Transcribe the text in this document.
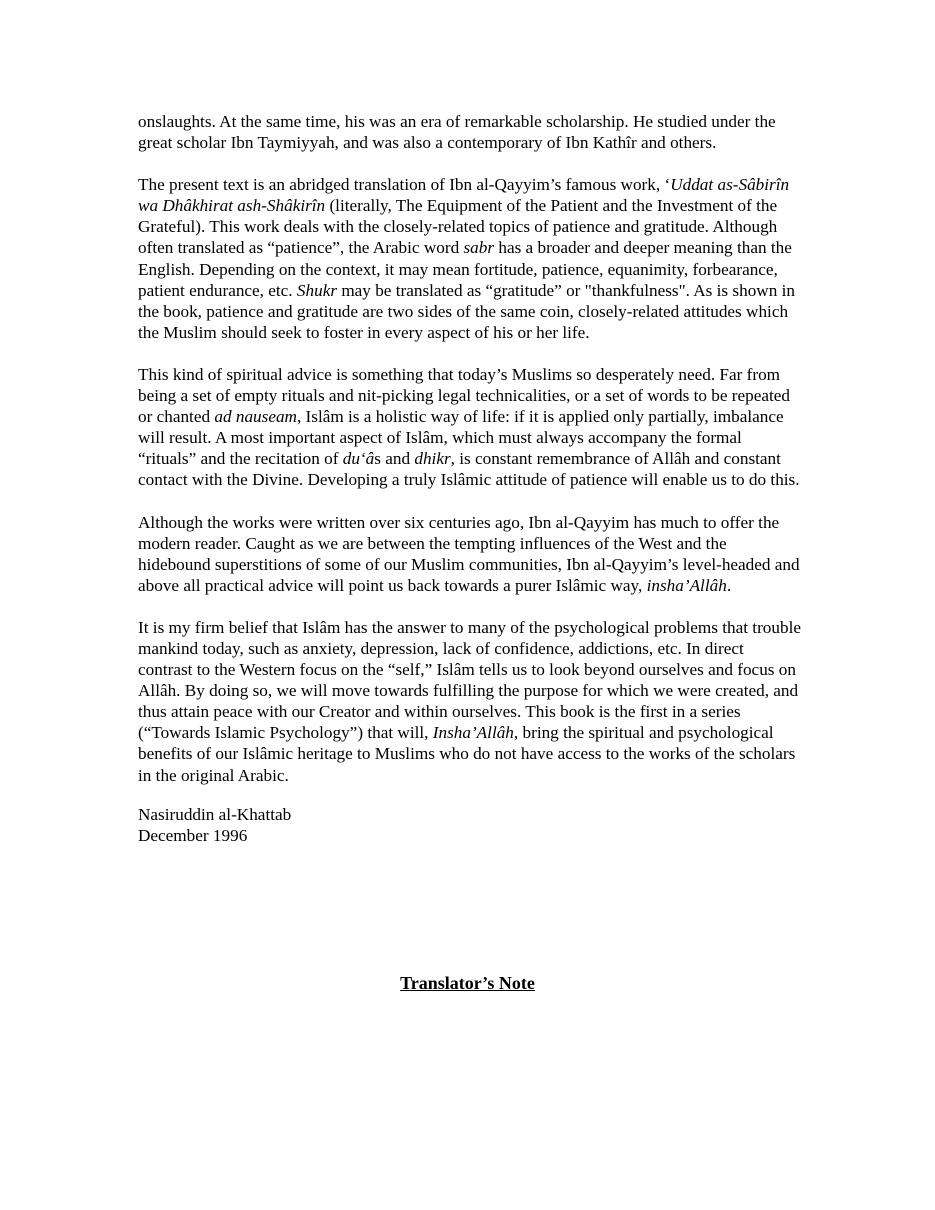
onslaughts. At the same time, his was an era of remarkable scholarship. He studied under the great scholar Ibn Taymiyyah, and was also a contemporary of Ibn Kathîr and others.

The present text is an abridged translation of Ibn al-Qayyim’s famous work, ‘Uddat as-Sâbirîn wa Dhâkhirat ash-Shâkirîn (literally, The Equipment of the Patient and the Investment of the Grateful). This work deals with the closely-related topics of patience and gratitude. Although often translated as “patience”, the Arabic word sabr has a broader and deeper meaning than the English. Depending on the context, it may mean fortitude, patience, equanimity, forbearance, patient endurance, etc. Shukr may be translated as “gratitude” or "thankfulness". As is shown in the book, patience and gratitude are two sides of the same coin, closely-related attitudes which the Muslim should seek to foster in every aspect of his or her life.

This kind of spiritual advice is something that today’s Muslims so desperately need. Far from being a set of empty rituals and nit-picking legal technicalities, or a set of words to be repeated or chanted ad nauseam, Islâm is a holistic way of life: if it is applied only partially, imbalance will result. A most important aspect of Islâm, which must always accompany the formal “rituals” and the recitation of du‘âs and dhikr, is constant remembrance of Allâh and constant contact with the Divine. Developing a truly Islâmic attitude of patience will enable us to do this.

Although the works were written over six centuries ago, Ibn al-Qayyim has much to offer the modern reader. Caught as we are between the tempting influences of the West and the hidebound superstitions of some of our Muslim communities, Ibn al-Qayyim’s level-headed and above all practical advice will point us back towards a purer Islâmic way, insha’Allâh.

It is my firm belief that Islâm has the answer to many of the psychological problems that trouble mankind today, such as anxiety, depression, lack of confidence, addictions, etc. In direct contrast to the Western focus on the “self,” Islâm tells us to look beyond ourselves and focus on Allâh. By doing so, we will move towards fulfilling the purpose for which we were created, and thus attain peace with our Creator and within ourselves. This book is the first in a series (“Towards Islamic Psychology”) that will, Insha’Allâh, bring the spiritual and psychological benefits of our Islâmic heritage to Muslims who do not have access to the works of the scholars in the original Arabic.

Nasiruddin al-Khattab
December 1996
Translator’s Note
